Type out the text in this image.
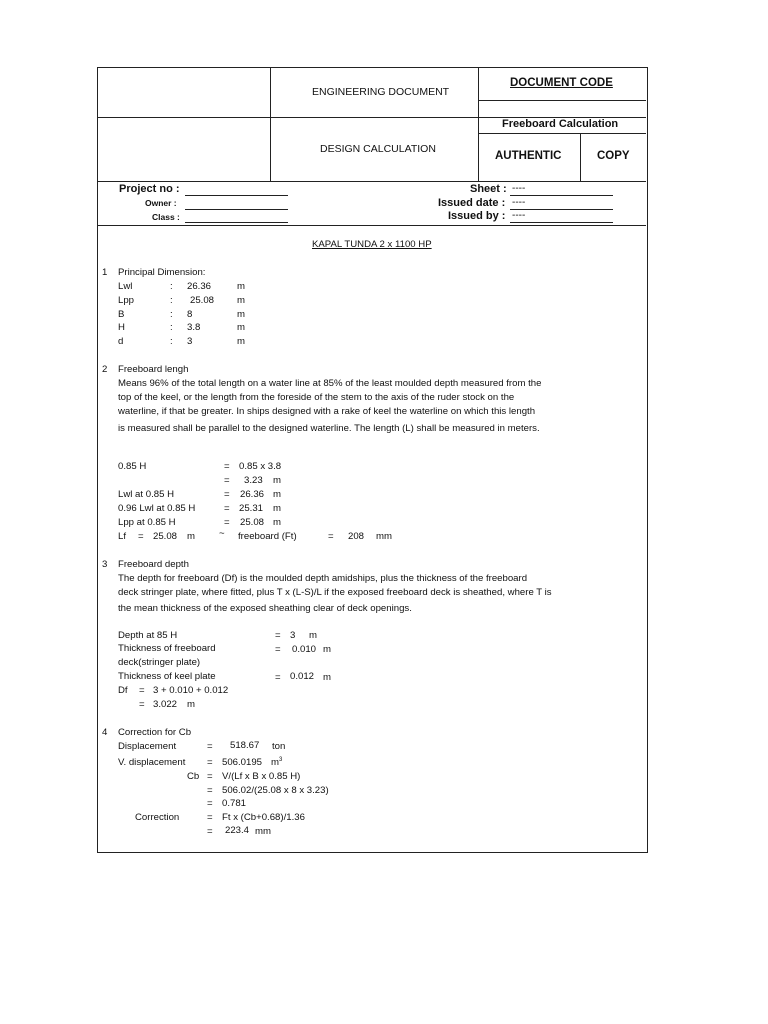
ENGINEERING DOCUMENT
DOCUMENT CODE
DESIGN CALCULATION
Freeboard Calculation
AUTHENTIC	COPY
Project no :
Owner :
Class :
Sheet : ----
Issued date : ----
Issued by : ----
KAPAL TUNDA 2 x 1100 HP
1 Principal Dimension:
Lwl	: 26.36	m
Lpp	: 25.08 m
B	: 8	m
H	: 3.8	m
d	: 3	m
2 Freeboard lengh
Means 96% of the total length on a water line at 85% of the least moulded depth measured from the
top of the keel, or the length from the foreside of the stem to the axis of the ruder stock on the
waterline, if that be greater. In ships designed with a rake of keel the waterline on which this length
is measured shall be parallel to the designed waterline. The length (L) shall be measured in meters.
0.85 H	= 0.85 x 3.8
= 3.23 m
Lwl at 0.85 H	= 26.36 m
0.96 Lwl at 0.85 H	= 25.31 m
Lpp at 0.85 H	= 25.08 m
Lf = 25.08 m	~ freeboard (Ft)	= 208 mm
3 Freeboard depth
The depth for freeboard (Df) is the moulded depth amidships, plus the thickness of the freeboard
deck stringer plate, where fitted, plus T x (L-S)/L if the exposed freeboard deck is sheathed, where T is
the mean thickness of the exposed sheathing clear of deck openings.
Depth at 85 H	= 3 m
Thickness of freeboard
deck(stringer plate)
= 0.010 m
Thickness of keel plate	= 0.012 m
Df = 3 + 0.010 + 0.012
= 3.022 m
4 Correction for Cb
Displacement	= 518.67 ton
V. displacement = 506.0195 $m^3$
Cb = V/(Lf x B x 0.85 H)
= 506.02/(25.08 x 8 x 3.23)
= 0.781
Correction	= Ft x (Cb+0.68)/1.36
= 223.4 mm
